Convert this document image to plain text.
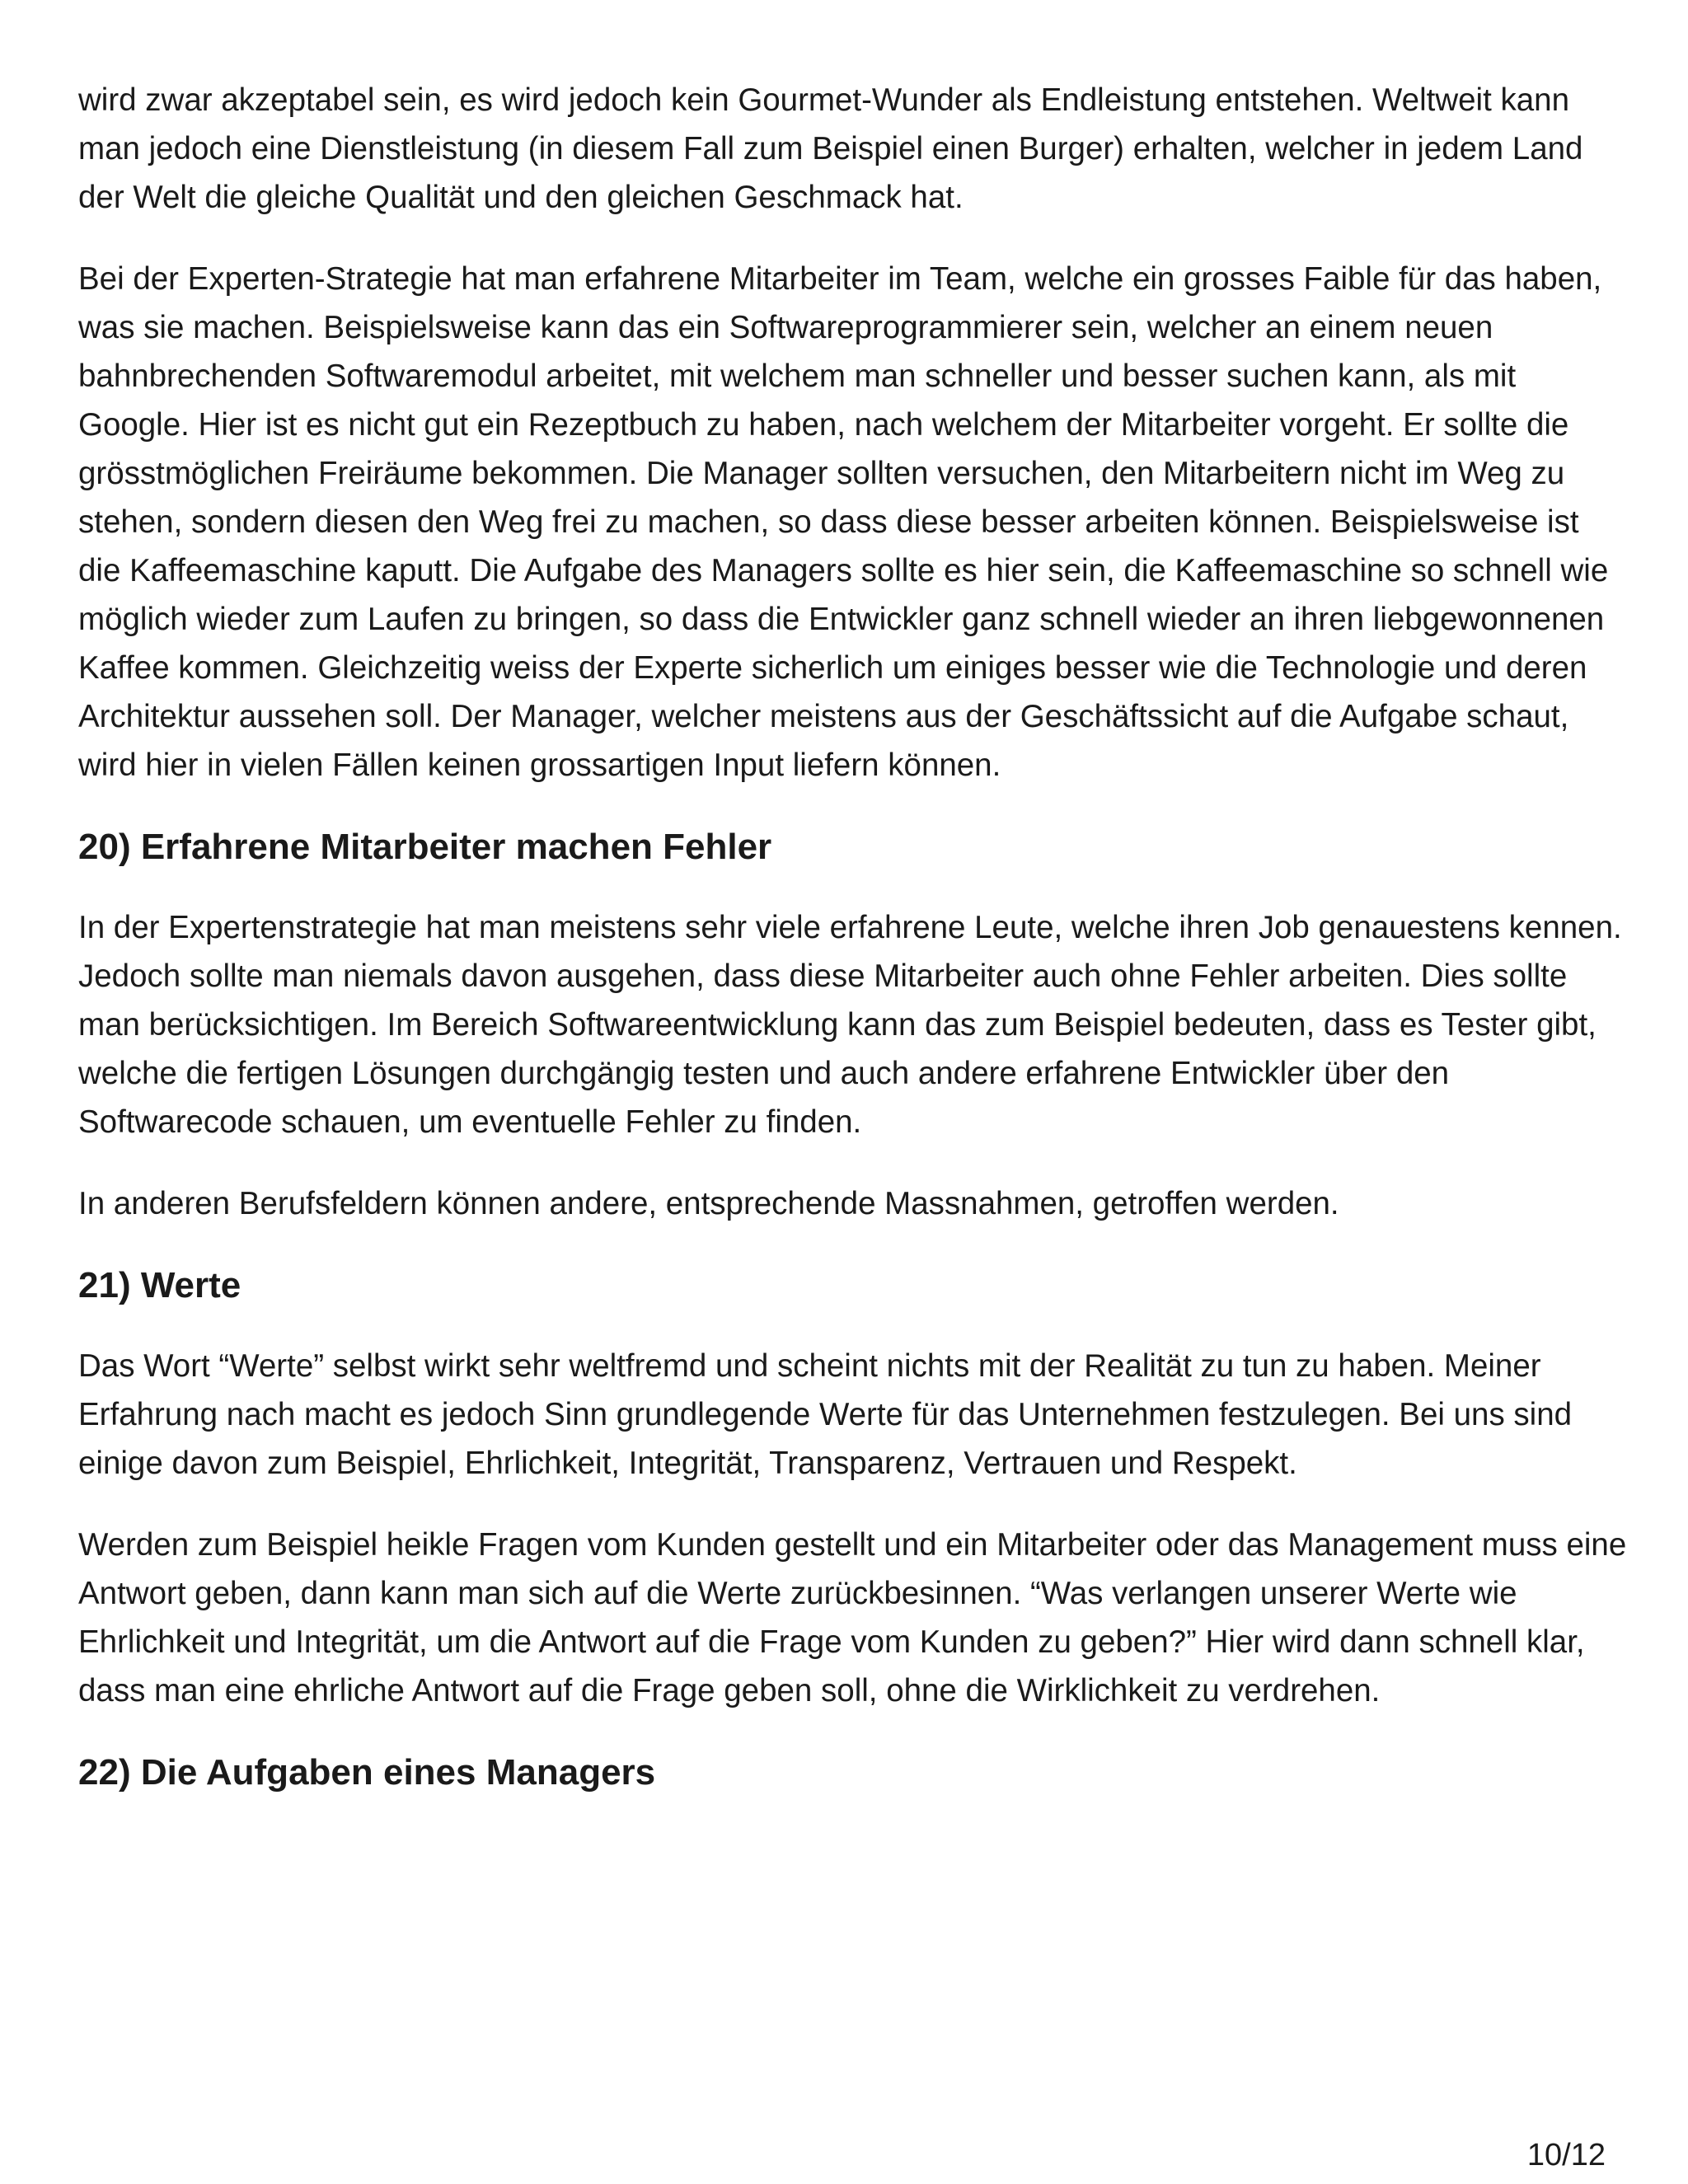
wird zwar akzeptabel sein, es wird jedoch kein Gourmet-Wunder als Endleistung entstehen. Weltweit kann man jedoch eine Dienstleistung (in diesem Fall zum Beispiel einen Burger) erhalten, welcher in jedem Land der Welt die gleiche Qualität und den gleichen Geschmack hat.

Bei der Experten-Strategie hat man erfahrene Mitarbeiter im Team, welche ein grosses Faible für das haben, was sie machen. Beispielsweise kann das ein Softwareprogrammierer sein, welcher an einem neuen bahnbrechenden Softwaremodul arbeitet, mit welchem man schneller und besser suchen kann, als mit Google. Hier ist es nicht gut ein Rezeptbuch zu haben, nach welchem der Mitarbeiter vorgeht. Er sollte die grösstmöglichen Freiräume bekommen. Die Manager sollten versuchen, den Mitarbeitern nicht im Weg zu stehen, sondern diesen den Weg frei zu machen, so dass diese besser arbeiten können. Beispielsweise ist die Kaffeemaschine kaputt. Die Aufgabe des Managers sollte es hier sein, die Kaffeemaschine so schnell wie möglich wieder zum Laufen zu bringen, so dass die Entwickler ganz schnell wieder an ihren liebgewonnenen Kaffee kommen. Gleichzeitig weiss der Experte sicherlich um einiges besser wie die Technologie und deren Architektur aussehen soll. Der Manager, welcher meistens aus der Geschäftssicht auf die Aufgabe schaut, wird hier in vielen Fällen keinen grossartigen Input liefern können.

20) Erfahrene Mitarbeiter machen Fehler

In der Expertenstrategie hat man meistens sehr viele erfahrene Leute, welche ihren Job genauestens kennen. Jedoch sollte man niemals davon ausgehen, dass diese Mitarbeiter auch ohne Fehler arbeiten. Dies sollte man berücksichtigen. Im Bereich Softwareentwicklung kann das zum Beispiel bedeuten, dass es Tester gibt, welche die fertigen Lösungen durchgängig testen und auch andere erfahrene Entwickler über den Softwarecode schauen, um eventuelle Fehler zu finden.

In anderen Berufsfeldern können andere, entsprechende Massnahmen, getroffen werden.

21) Werte

Das Wort “Werte” selbst wirkt sehr weltfremd und scheint nichts mit der Realität zu tun zu haben. Meiner Erfahrung nach macht es jedoch Sinn grundlegende Werte für das Unternehmen festzulegen. Bei uns sind einige davon zum Beispiel, Ehrlichkeit, Integrität, Transparenz, Vertrauen und Respekt.

Werden zum Beispiel heikle Fragen vom Kunden gestellt und ein Mitarbeiter oder das Management muss eine Antwort geben, dann kann man sich auf die Werte zurückbesinnen. “Was verlangen unserer Werte wie Ehrlichkeit und Integrität, um die Antwort auf die Frage vom Kunden zu geben?” Hier wird dann schnell klar, dass man eine ehrliche Antwort auf die Frage geben soll, ohne die Wirklichkeit zu verdrehen.

22) Die Aufgaben eines Managers
10/12
